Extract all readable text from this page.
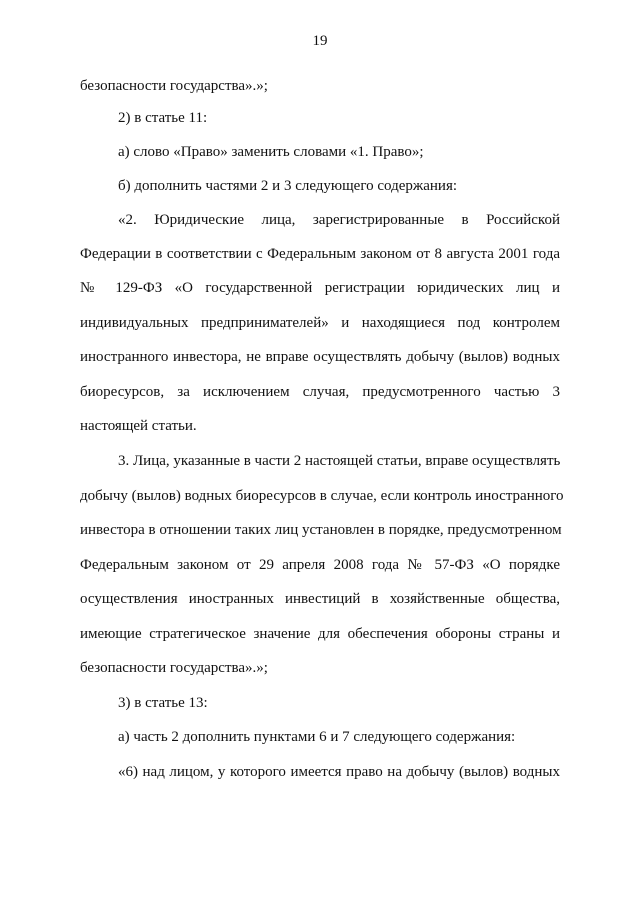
19
безопасности государства».»;
2) в статье 11:
а) слово «Право» заменить словами «1. Право»;
б) дополнить частями 2 и 3 следующего содержания:
«2. Юридические лица, зарегистрированные в Российской
Федерации в соответствии с Федеральным законом от 8 августа 2001 года
№ 129-ФЗ «О государственной регистрации юридических лиц и
индивидуальных предпринимателей» и находящиеся под контролем
иностранного инвестора, не вправе осуществлять добычу (вылов) водных
биоресурсов, за исключением случая, предусмотренного частью 3
настоящей статьи.
3. Лица, указанные в части 2 настоящей статьи, вправе осуществлять
добычу (вылов) водных биоресурсов в случае, если контроль иностранного
инвестора в отношении таких лиц установлен в порядке, предусмотренном
Федеральным законом от 29 апреля 2008 года № 57-ФЗ «О порядке
осуществления иностранных инвестиций в хозяйственные общества,
имеющие стратегическое значение для обеспечения обороны страны и
безопасности государства».»;
3) в статье 13:
а) часть 2 дополнить пунктами 6 и 7 следующего содержания:
«6) над лицом, у которого имеется право на добычу (вылов) водных
